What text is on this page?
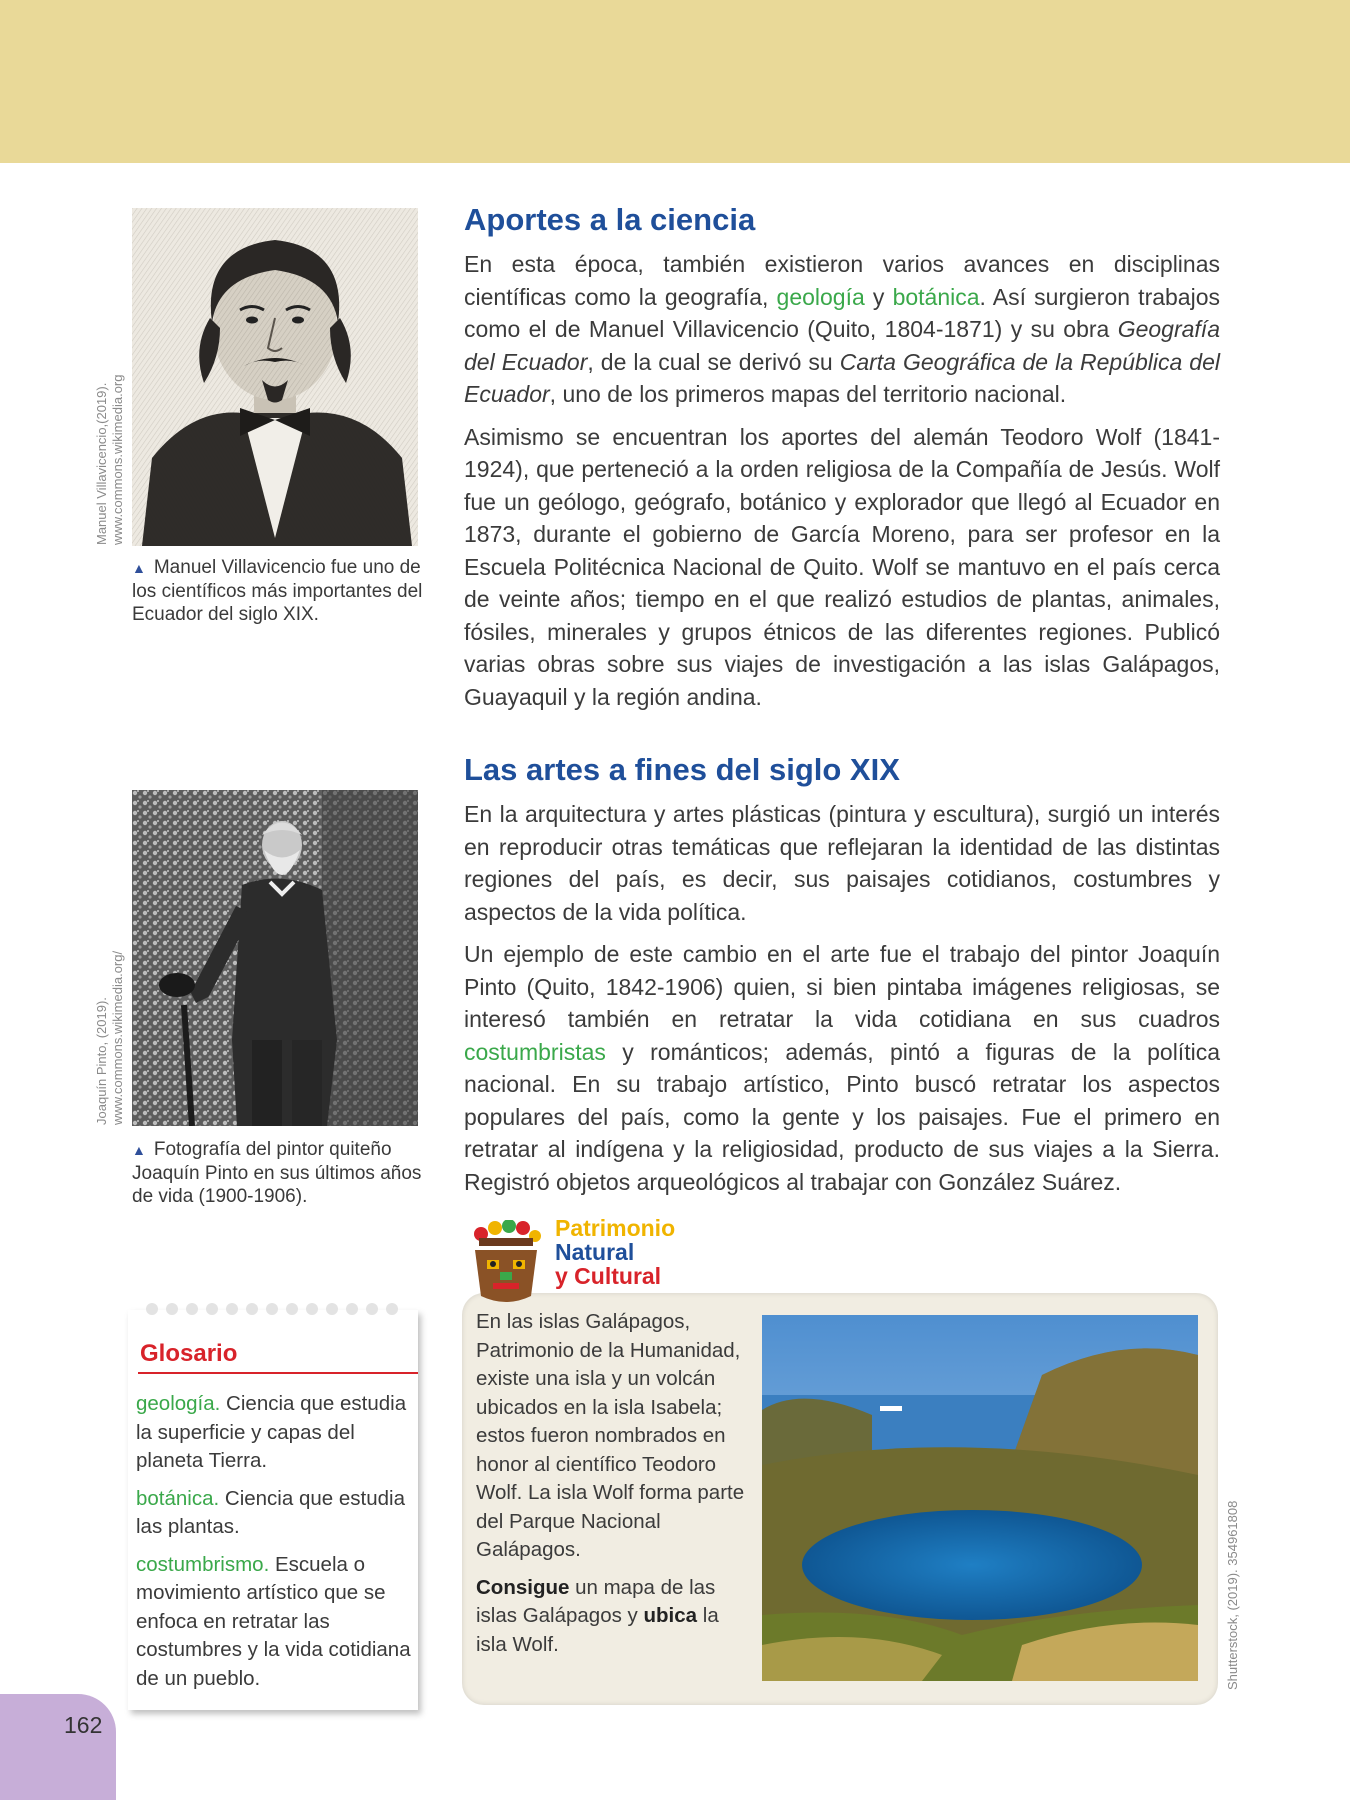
Manuel Villavicencio,(2019). www.commons.wikimedia.org
▲ Manuel Villavicencio fue uno de los científicos más importantes del Ecuador del siglo XIX.
Joaquín Pinto, (2019). www.commons.wikimedia.org/
▲ Fotografía del pintor quiteño Joaquín Pinto en sus últimos años de vida (1900-1906).
Aportes a la ciencia

En esta época, también existieron varios avances en disciplinas científicas como la geografía, geología y botánica. Así surgieron trabajos como el de Manuel Villavicencio (Quito, 1804-1871) y su obra Geografía del Ecuador, de la cual se derivó su Carta Geográfica de la República del Ecuador, uno de los primeros mapas del territorio nacional.

Asimismo se encuentran los aportes del alemán Teodoro Wolf (1841-1924), que perteneció a la orden religiosa de la Compañía de Jesús. Wolf fue un geólogo, geógrafo, botánico y explorador que llegó al Ecuador en 1873, durante el gobierno de García Moreno, para ser profesor en la Escuela Politécnica Nacional de Quito. Wolf se mantuvo en el país cerca de veinte años; tiempo en el que realizó estudios de plantas, animales, fósiles, minerales y grupos étnicos de las diferentes regiones. Publicó varias obras sobre sus viajes de investigación a las islas Galápagos, Guayaquil y la región andina.

Las artes a fines del siglo XIX

En la arquitectura y artes plásticas (pintura y escultura), surgió un interés en reproducir otras temáticas que reflejaran la identidad de las distintas regiones del país, es decir, sus paisajes cotidianos, costumbres y aspectos de la vida política.

Un ejemplo de este cambio en el arte fue el trabajo del pintor Joaquín Pinto (Quito, 1842-1906) quien, si bien pintaba imágenes religiosas, se interesó también en retratar la vida cotidiana en sus cuadros costumbristas y románticos; además, pintó a figuras de la política nacional. En su trabajo artístico, Pinto buscó retratar los aspectos populares del país, como la gente y los paisajes. Fue el primero en retratar al indígena y la religiosidad, producto de sus viajes a la Sierra. Registró objetos arqueológicos al trabajar con González Suárez.

Glosario

geología. Ciencia que estudia la superficie y capas del planeta Tierra.

botánica. Ciencia que estudia las plantas.

costumbrismo. Escuela o movimiento artístico que se enfoca en retratar las costumbres y la vida cotidiana de un pueblo.

162
Patrimonio
Natural
y Cultural

En las islas Galápagos, Patrimonio de la Humanidad, existe una isla y un volcán ubicados en la isla Isabela; estos fueron nombrados en honor al científico Teodoro Wolf. La isla Wolf forma parte del Parque Nacional Galápagos.

Consigue un mapa de las islas Galápagos y ubica la isla Wolf.	Shutterstock, (2019). 354961808
